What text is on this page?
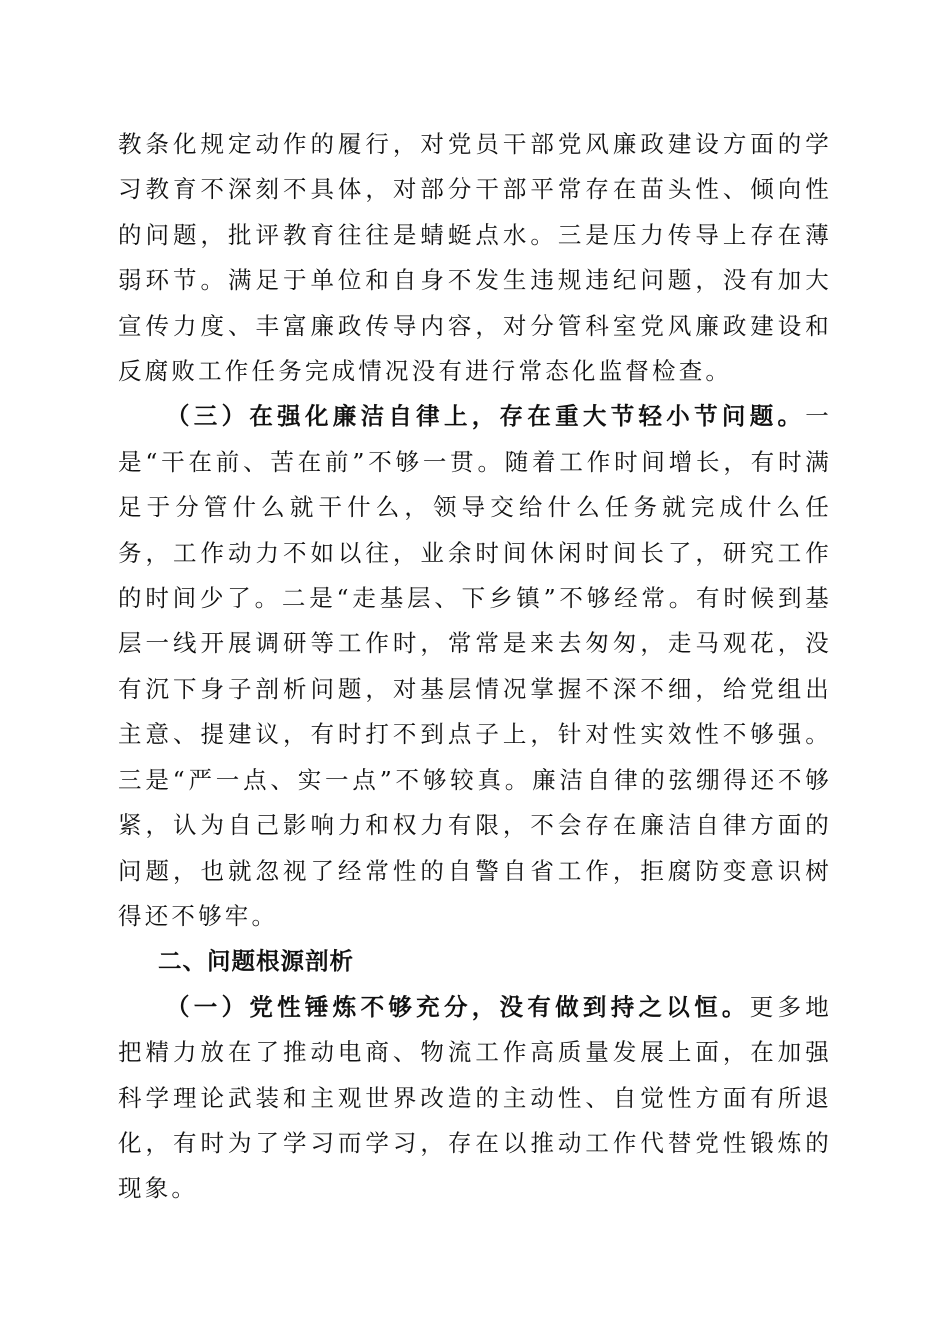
教条化规定动作的履行，对党员干部党风廉政建设方面的学习教育不深刻不具体，对部分干部平常存在苗头性、倾向性的问题，批评教育往往是蜻蜓点水。三是压力传导上存在薄弱环节。满足于单位和自身不发生违规违纪问题，没有加大宣传力度、丰富廉政传导内容，对分管科室党风廉政建设和反腐败工作任务完成情况没有进行常态化监督检查。

（三）在强化廉洁自律上，存在重大节轻小节问题。一是“干在前、苦在前”不够一贯。随着工作时间增长，有时满足于分管什么就干什么，领导交给什么任务就完成什么任务，工作动力不如以往，业余时间休闲时间长了，研究工作的时间少了。二是“走基层、下乡镇”不够经常。有时候到基层一线开展调研等工作时，常常是来去匆匆，走马观花，没有沉下身子剖析问题，对基层情况掌握不深不细，给党组出主意、提建议，有时打不到点子上，针对性实效性不够强。三是“严一点、实一点”不够较真。廉洁自律的弦绷得还不够紧，认为自己影响力和权力有限，不会存在廉洁自律方面的问题，也就忽视了经常性的自警自省工作，拒腐防变意识树得还不够牢。

二、问题根源剖析

（一）党性锤炼不够充分，没有做到持之以恒。更多地把精力放在了推动电商、物流工作高质量发展上面，在加强科学理论武装和主观世界改造的主动性、自觉性方面有所退化，有时为了学习而学习，存在以推动工作代替党性锻炼的现象。
